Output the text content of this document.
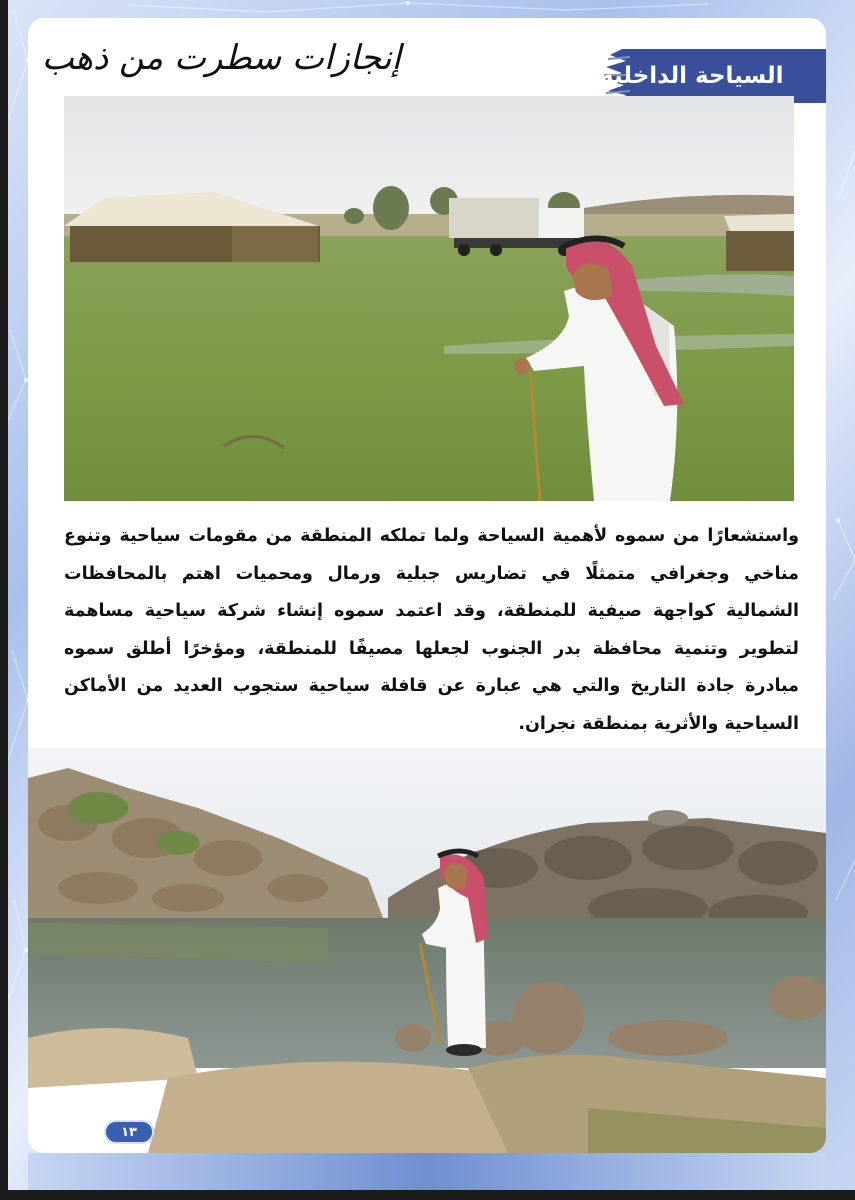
إنجازات سطرت من ذهب	السياحة الداخلية
واستشعارًا من سموه لأهمية السياحة ولما تملكه المنطقة من مقومات سياحية وتنوع مناخي وجغرافي متمثلًا في تضاريس جبلية ورمال ومحميات اهتم بالمحافظات الشمالية كواجهة صيفية للمنطقة، وقد اعتمد سموه إنشاء شركة سياحية مساهمة لتطوير وتنمية محافظة بدر الجنوب لجعلها مصيفًا للمنطقة، ومؤخرًا أطلق سموه مبادرة جادة التاريخ والتي هي عبارة عن قافلة سياحية ستجوب العديد من الأماكن السياحية والأثرية بمنطقة نجران.
١٣
